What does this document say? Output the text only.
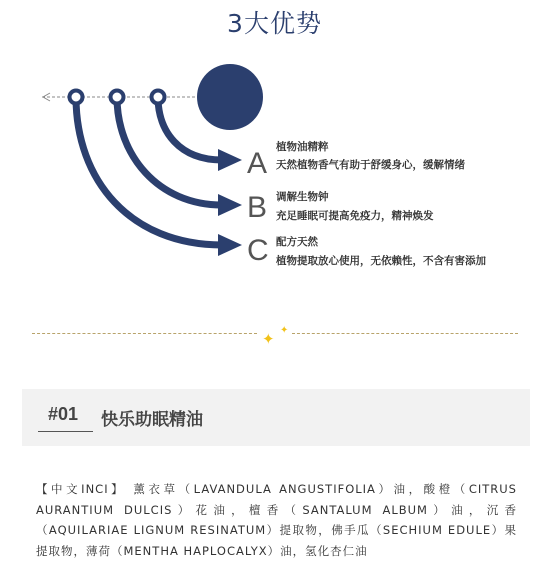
3大优势
A 植物油精粹
天然植物香气有助于舒缓身心，缓解情绪
B 调解生物钟
充足睡眠可提高免疫力，精神焕发
C 配方天然
植物提取放心使用，无依赖性，不含有害添加
✦ ✦
#01 快乐助眠精油
【中文INCI】 薰衣草（LAVANDULA ANGUSTIFOLIA）油，酸橙（CITRUS AURANTIUM DULCIS）花油，檀香（SANTALUM ALBUM）油，沉香（AQUILARIAE LIGNUM RESINATUM）提取物，佛手瓜（SECHIUM EDULE）果提取物，薄荷（MENTHA HAPLOCALYX）油，氢化杏仁油
